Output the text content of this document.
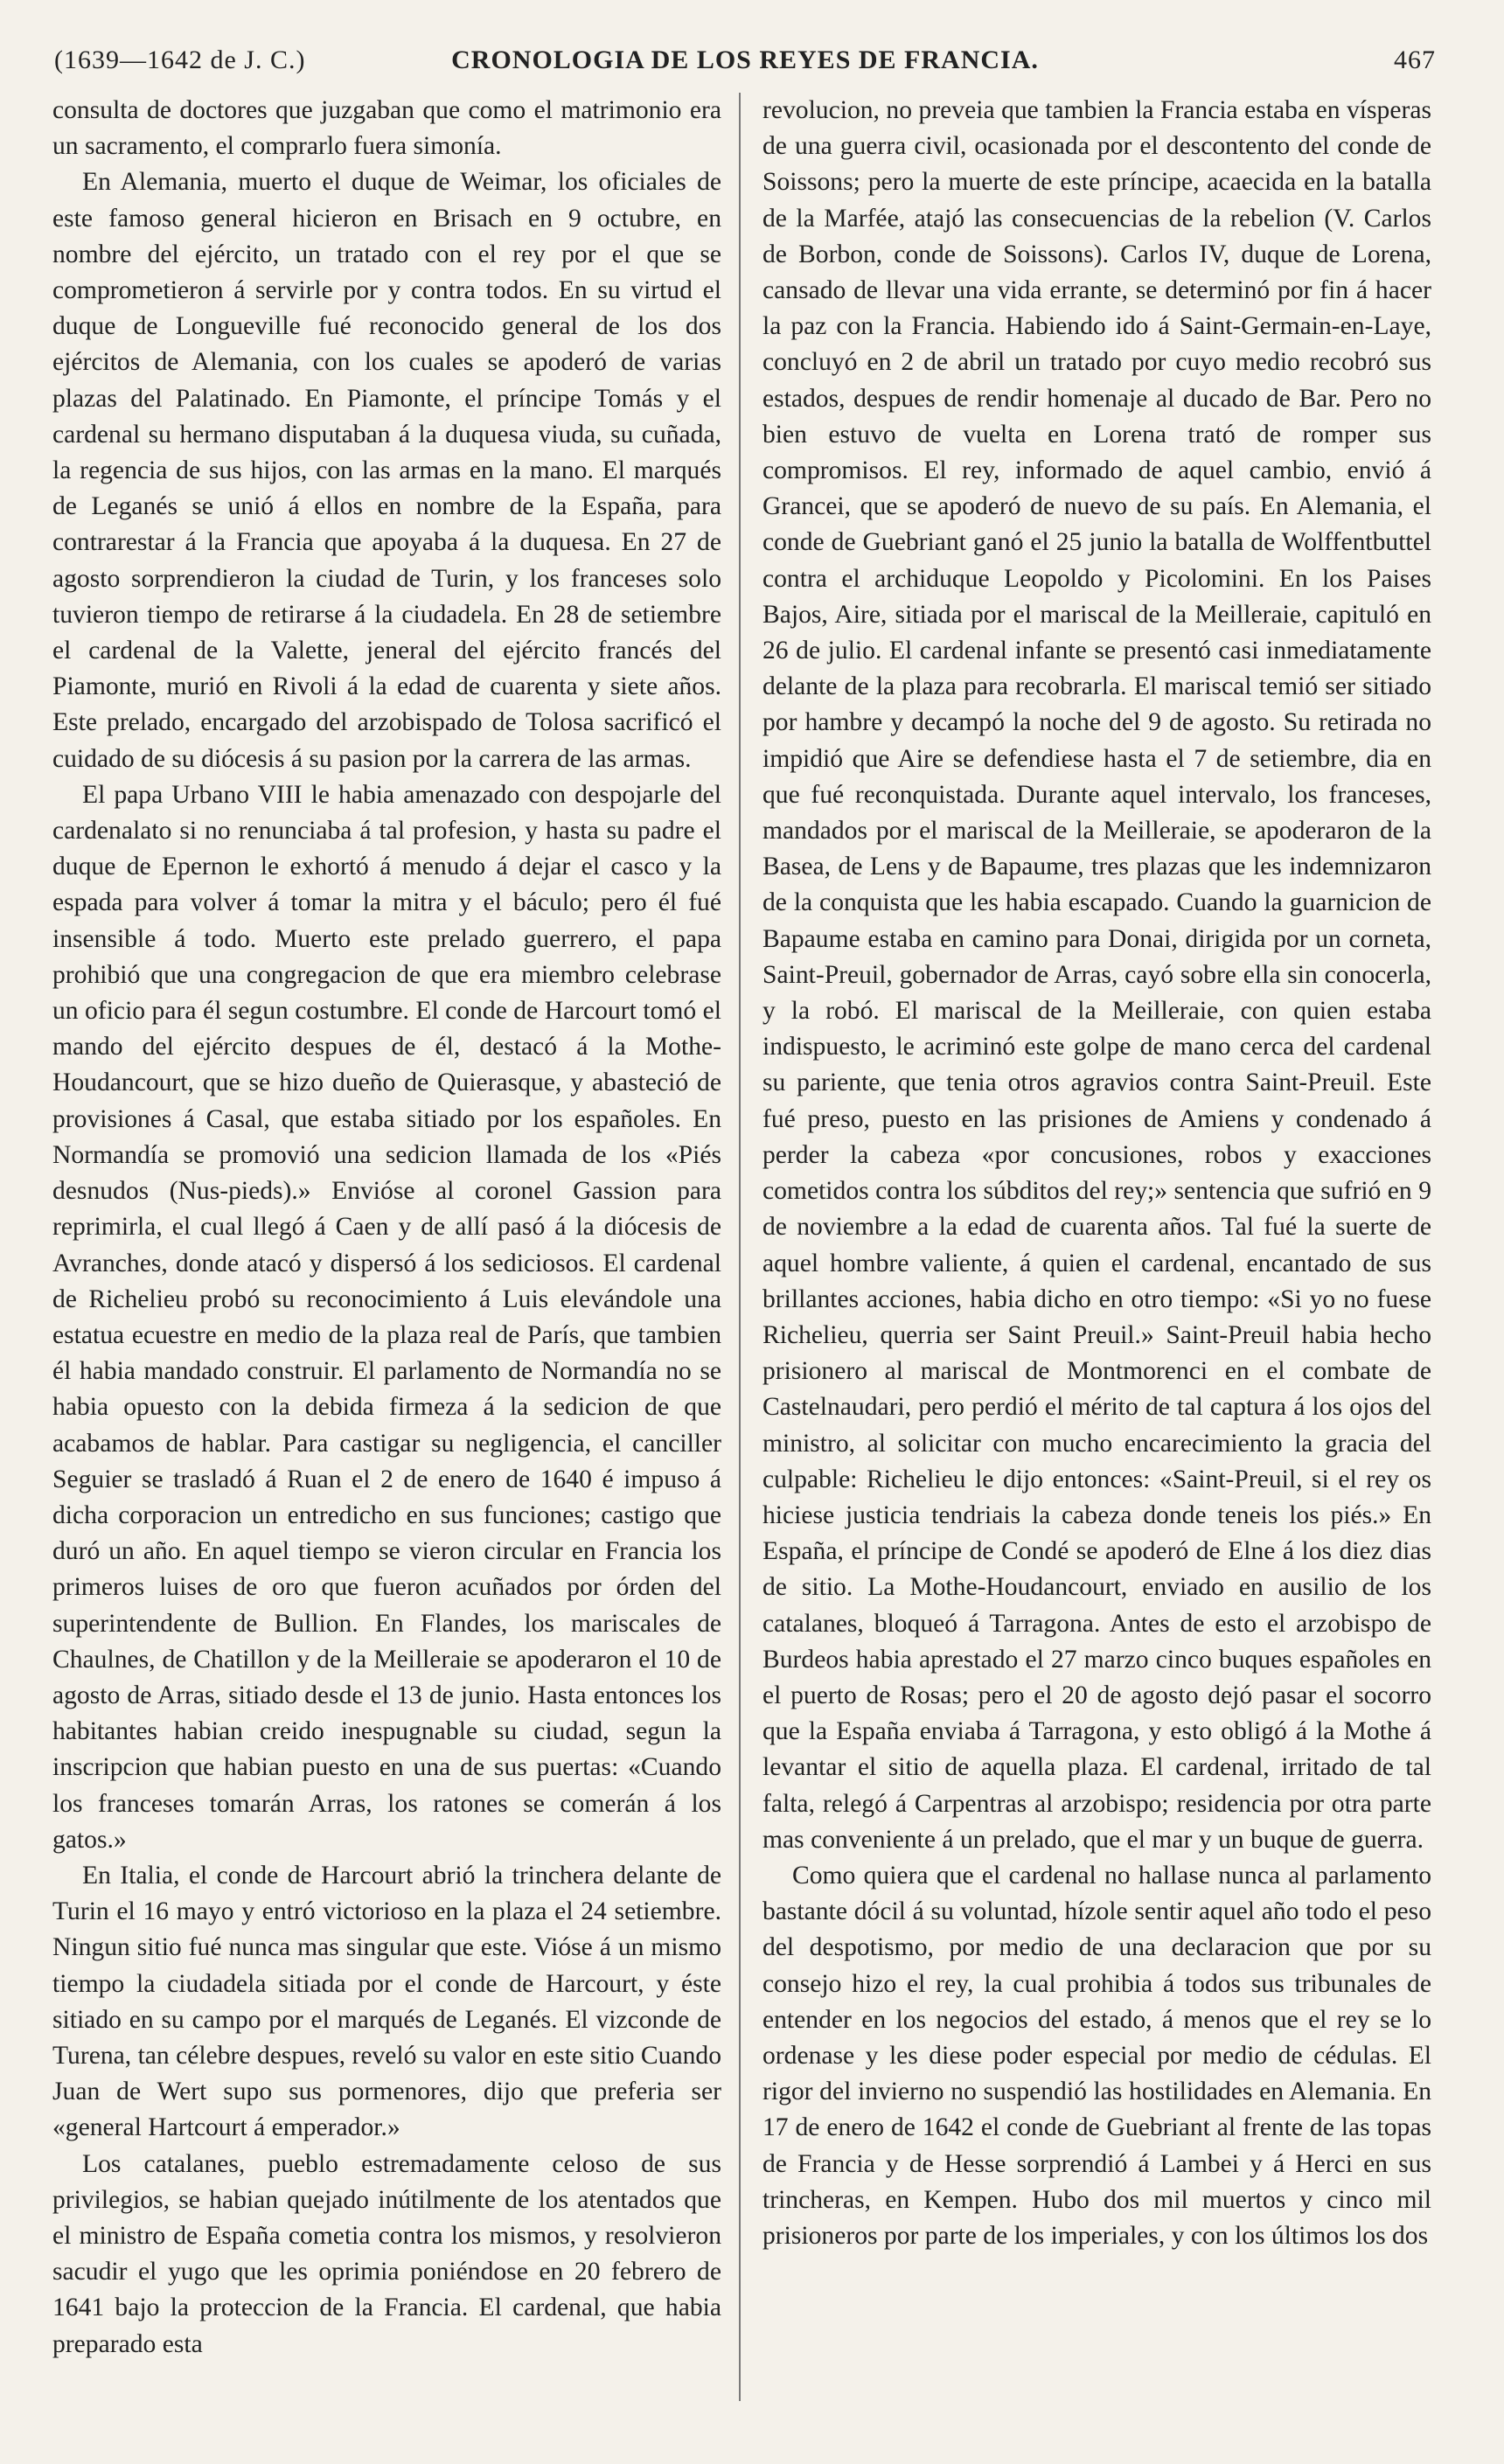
(1639—1642 de J. C.)	CRONOLOGIA DE LOS REYES DE FRANCIA.	467

consulta de doctores que juzgaban que como el matrimonio era un sacramento, el comprarlo fuera simonía.

En Alemania, muerto el duque de Weimar, los oficiales de este famoso general hicieron en Brisach en 9 octubre, en nombre del ejército, un tratado con el rey por el que se comprometieron á servirle por y contra todos. En su virtud el duque de Longueville fué reconocido general de los dos ejércitos de Alemania, con los cuales se apoderó de varias plazas del Palatinado. En Piamonte, el príncipe Tomás y el cardenal su hermano disputaban á la duquesa viuda, su cuñada, la regencia de sus hijos, con las armas en la mano. El marqués de Leganés se unió á ellos en nombre de la España, para contrarestar á la Francia que apoyaba á la duquesa. En 27 de agosto sorprendieron la ciudad de Turin, y los franceses solo tuvieron tiempo de retirarse á la ciudadela. En 28 de setiembre el cardenal de la Valette, jeneral del ejército francés del Piamonte, murió en Rivoli á la edad de cuarenta y siete años. Este prelado, encargado del arzobispado de Tolosa sacrificó el cuidado de su diócesis á su pasion por la carrera de las armas.

El papa Urbano VIII le habia amenazado con despojarle del cardenalato si no renunciaba á tal profesion, y hasta su padre el duque de Epernon le exhortó á menudo á dejar el casco y la espada para volver á tomar la mitra y el báculo; pero él fué insensible á todo. Muerto este prelado guerrero, el papa prohibió que una congregacion de que era miembro celebrase un oficio para él segun costumbre. El conde de Harcourt tomó el mando del ejército despues de él, destacó á la Mothe-Houdancourt, que se hizo dueño de Quierasque, y abasteció de provisiones á Casal, que estaba sitiado por los españoles. En Normandía se promovió una sedicion llamada de los «Piés desnudos (Nus-pieds).» Envióse al coronel Gassion para reprimirla, el cual llegó á Caen y de allí pasó á la diócesis de Avranches, donde atacó y dispersó á los sediciosos. El cardenal de Richelieu probó su reconocimiento á Luis elevándole una estatua ecuestre en medio de la plaza real de París, que tambien él habia mandado construir. El parlamento de Normandía no se habia opuesto con la debida firmeza á la sedicion de que acabamos de hablar. Para castigar su negligencia, el canciller Seguier se trasladó á Ruan el 2 de enero de 1640 é impuso á dicha corporacion un entredicho en sus funciones; castigo que duró un año. En aquel tiempo se vieron circular en Francia los primeros luises de oro que fueron acuñados por órden del superintendente de Bullion. En Flandes, los mariscales de Chaulnes, de Chatillon y de la Meilleraie se apoderaron el 10 de agosto de Arras, sitiado desde el 13 de junio. Hasta entonces los habitantes habian creido inespugnable su ciudad, segun la inscripcion que habian puesto en una de sus puertas: «Cuando los franceses tomarán Arras, los ratones se comerán á los gatos.»

En Italia, el conde de Harcourt abrió la trinchera delante de Turin el 16 mayo y entró victorioso en la plaza el 24 setiembre. Ningun sitio fué nunca mas singular que este. Vióse á un mismo tiempo la ciudadela sitiada por el conde de Harcourt, y éste sitiado en su campo por el marqués de Leganés. El vizconde de Turena, tan célebre despues, reveló su valor en este sitio Cuando Juan de Wert supo sus pormenores, dijo que preferia ser «general Hartcourt á emperador.»

Los catalanes, pueblo estremadamente celoso de sus privilegios, se habian quejado inútilmente de los atentados que el ministro de España cometia contra los mismos, y resolvieron sacudir el yugo que les oprimia poniéndose en 20 febrero de 1641 bajo la proteccion de la Francia. El cardenal, que habia preparado esta

revolucion, no preveia que tambien la Francia estaba en vísperas de una guerra civil, ocasionada por el descontento del conde de Soissons; pero la muerte de este príncipe, acaecida en la batalla de la Marfée, atajó las consecuencias de la rebelion (V. Carlos de Borbon, conde de Soissons). Carlos IV, duque de Lorena, cansado de llevar una vida errante, se determinó por fin á hacer la paz con la Francia. Habiendo ido á Saint-Germain-en-Laye, concluyó en 2 de abril un tratado por cuyo medio recobró sus estados, despues de rendir homenaje al ducado de Bar. Pero no bien estuvo de vuelta en Lorena trató de romper sus compromisos. El rey, informado de aquel cambio, envió á Grancei, que se apoderó de nuevo de su país. En Alemania, el conde de Guebriant ganó el 25 junio la batalla de Wolffentbuttel contra el archiduque Leopoldo y Picolomini. En los Paises Bajos, Aire, sitiada por el mariscal de la Meilleraie, capituló en 26 de julio. El cardenal infante se presentó casi inmediatamente delante de la plaza para recobrarla. El mariscal temió ser sitiado por hambre y decampó la noche del 9 de agosto. Su retirada no impidió que Aire se defendiese hasta el 7 de setiembre, dia en que fué reconquistada. Durante aquel intervalo, los franceses, mandados por el mariscal de la Meilleraie, se apoderaron de la Basea, de Lens y de Bapaume, tres plazas que les indemnizaron de la conquista que les habia escapado. Cuando la guarnicion de Bapaume estaba en camino para Donai, dirigida por un corneta, Saint-Preuil, gobernador de Arras, cayó sobre ella sin conocerla, y la robó. El mariscal de la Meilleraie, con quien estaba indispuesto, le acriminó este golpe de mano cerca del cardenal su pariente, que tenia otros agravios contra Saint-Preuil. Este fué preso, puesto en las prisiones de Amiens y condenado á perder la cabeza «por concusiones, robos y exacciones cometidos contra los súbditos del rey;» sentencia que sufrió en 9 de noviembre a la edad de cuarenta años. Tal fué la suerte de aquel hombre valiente, á quien el cardenal, encantado de sus brillantes acciones, habia dicho en otro tiempo: «Si yo no fuese Richelieu, querria ser Saint Preuil.» Saint-Preuil habia hecho prisionero al mariscal de Montmorenci en el combate de Castelnaudari, pero perdió el mérito de tal captura á los ojos del ministro, al solicitar con mucho encarecimiento la gracia del culpable: Richelieu le dijo entonces: «Saint-Preuil, si el rey os hiciese justicia tendriais la cabeza donde teneis los piés.» En España, el príncipe de Condé se apoderó de Elne á los diez dias de sitio. La Mothe-Houdancourt, enviado en ausilio de los catalanes, bloqueó á Tarragona. Antes de esto el arzobispo de Burdeos habia aprestado el 27 marzo cinco buques españoles en el puerto de Rosas; pero el 20 de agosto dejó pasar el socorro que la España enviaba á Tarragona, y esto obligó á la Mothe á levantar el sitio de aquella plaza. El cardenal, irritado de tal falta, relegó á Carpentras al arzobispo; residencia por otra parte mas conveniente á un prelado, que el mar y un buque de guerra.

Como quiera que el cardenal no hallase nunca al parlamento bastante dócil á su voluntad, hízole sentir aquel año todo el peso del despotismo, por medio de una declaracion que por su consejo hizo el rey, la cual prohibia á todos sus tribunales de entender en los negocios del estado, á menos que el rey se lo ordenase y les diese poder especial por medio de cédulas. El rigor del invierno no suspendió las hostilidades en Alemania. En 17 de enero de 1642 el conde de Guebriant al frente de las topas de Francia y de Hesse sorprendió á Lambei y á Herci en sus trincheras, en Kempen. Hubo dos mil muertos y cinco mil prisioneros por parte de los imperiales, y con los últimos los dos
